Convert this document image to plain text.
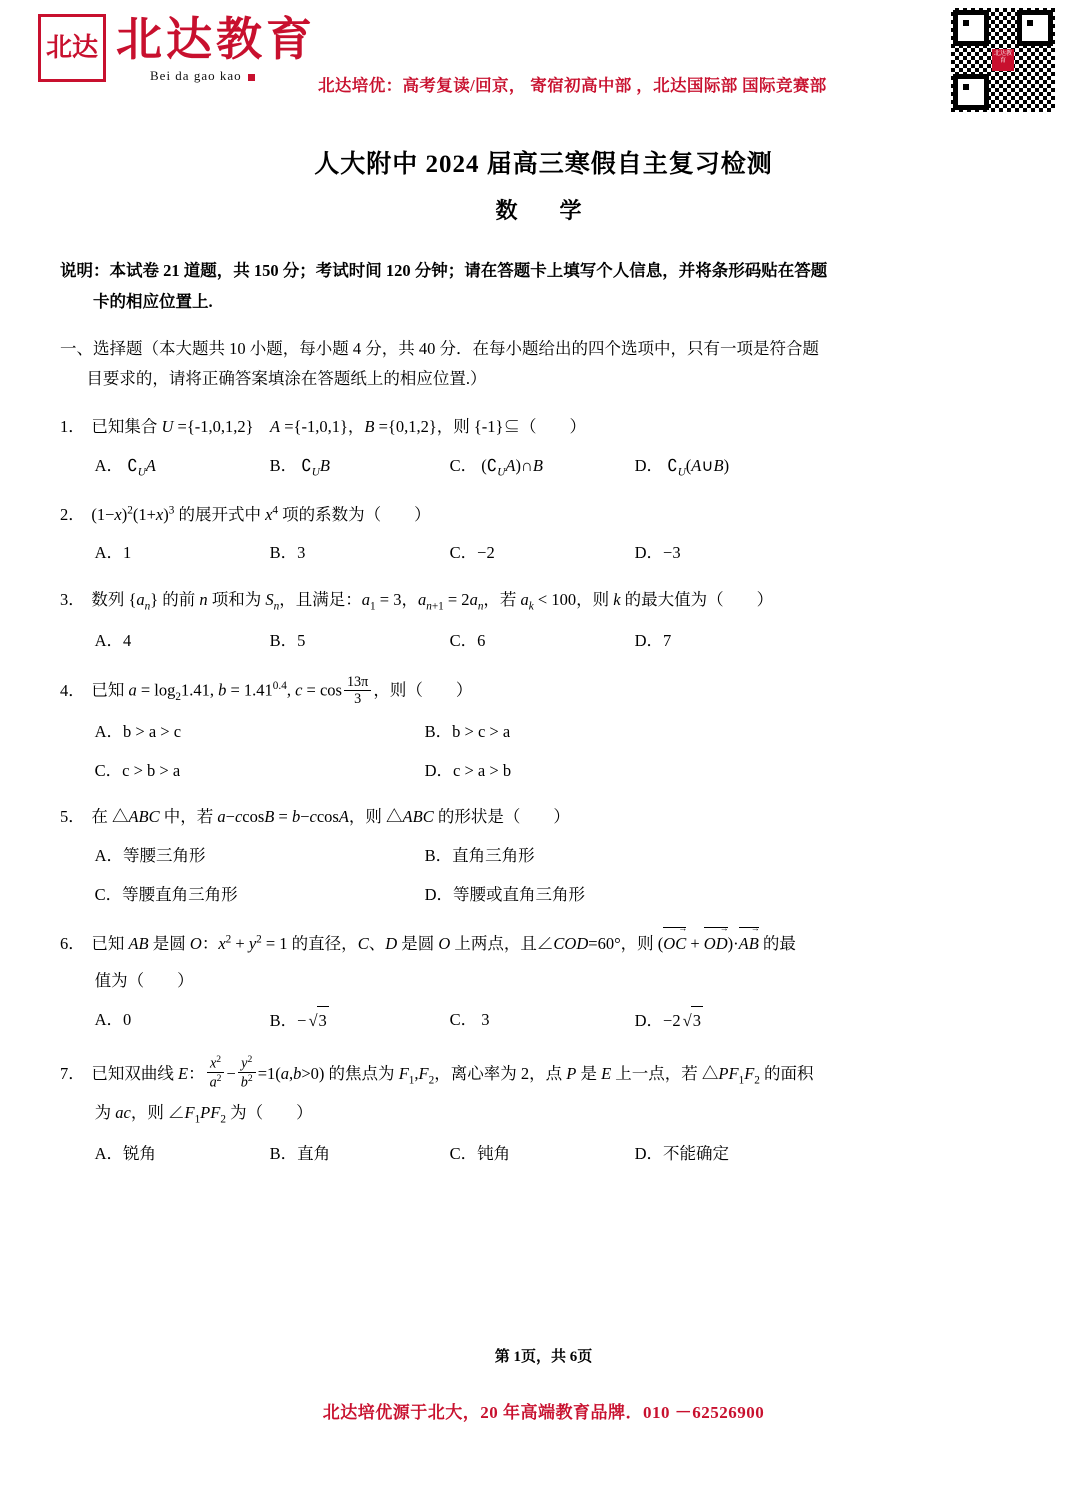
北达 北达教育
Bei da gao kao
北达培优：高考复读/回京， 寄宿初高中部 ，北达国际部 国际竞赛部
北达教育
人大附中 2024 届高三寒假自主复习检测
数　学
说明：本试卷 21 道题，共 150 分；考试时间 120 分钟；请在答题卡上填写个人信息，并将条形码贴在答题
卡的相应位置上.
一、选择题（本大题共 10 小题，每小题 4 分，共 40 分．在每小题给出的四个选项中，只有一项是符合题
目要求的，请将正确答案填涂在答题纸上的相应位置.）
1． 已知集合 U ={-1,0,1,2} A ={-1,0,1}，B ={0,1,2}，则 {-1}⊆（　　）
A． $∁_UA$	B． $∁_UB$	C． $(∁_UA)\cap B$	D． $∁_U(A\cup B)$
2． $(1-x)^2(1+x)^3$ 的展开式中 $x^4$ 项的系数为（　　）
A．1	B．3	C．−2	D．−3
3． 数列 $\{a_n\}$ 的前 n 项和为 $S_n$，且满足：$a_1 = 3$，$a_{n+1} = 2a_n$，若 $a_k < 100$，则 k 的最大值为（　　）
A．4	B．5	C．6	D．7
4． 已知 $a = \log_21.41$, $b = 1.41^{0.4}$, $c = \cos \frac{13\pi}{3}$ ，则（　　）
A．b > a > c	B．b > c > a
C．c > b > a	D．c > a > b
5． 在 △ABC 中，若 a−ccosB = b−ccosA，则 △ABC 的形状是（　　）
A．等腰三角形	B．直角三角形
C．等腰直角三角形	D．等腰或直角三角形
6． 已知 AB 是圆 O：$x^2 + y^2 = 1$ 的直径，C、D 是圆 O 上两点，且∠COD=60°，则 (OC
→
+ OD
→
)·AB
→
的最
值为（　　）
A．0	B．− √ 3	C． 3	D．−2 √ 3
7． 已知双曲线 E： $\frac{x^2}{a^2} - \frac{y^2}{b^2} =1(a,b>0)$ 的焦点为 $F_1,F_2$，离心率为 2，点 P 是 E 上一点，若 $\triangle PF_1F_2$ 的面积
为 ac，则 $\angle F_1PF_2$ 为（　　）
A．锐角	B．直角	C．钝角	D．不能确定
第 1页，共 6页
北达培优源于北大，20 年高端教育品牌．010 －62526900
